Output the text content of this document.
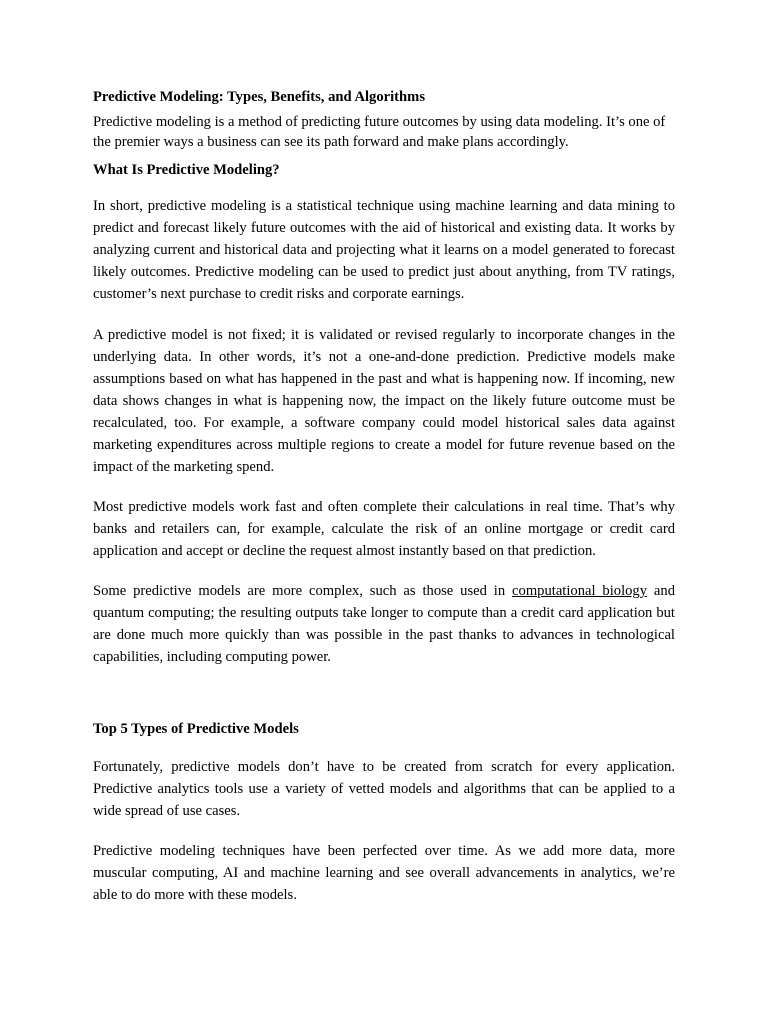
Predictive Modeling: Types, Benefits, and Algorithms

Predictive modeling is a method of predicting future outcomes by using data modeling. It’s one of the premier ways a business can see its path forward and make plans accordingly.

What Is Predictive Modeling?

In short, predictive modeling is a statistical technique using machine learning and data mining to predict and forecast likely future outcomes with the aid of historical and existing data. It works by analyzing current and historical data and projecting what it learns on a model generated to forecast likely outcomes. Predictive modeling can be used to predict just about anything, from TV ratings, customer’s next purchase to credit risks and corporate earnings.

A predictive model is not fixed; it is validated or revised regularly to incorporate changes in the underlying data. In other words, it’s not a one-and-done prediction. Predictive models make assumptions based on what has happened in the past and what is happening now. If incoming, new data shows changes in what is happening now, the impact on the likely future outcome must be recalculated, too. For example, a software company could model historical sales data against marketing expenditures across multiple regions to create a model for future revenue based on the impact of the marketing spend.

Most predictive models work fast and often complete their calculations in real time. That’s why banks and retailers can, for example, calculate the risk of an online mortgage or credit card application and accept or decline the request almost instantly based on that prediction.

Some predictive models are more complex, such as those used in computational biology and quantum computing; the resulting outputs take longer to compute than a credit card application but are done much more quickly than was possible in the past thanks to advances in technological capabilities, including computing power.

Top 5 Types of Predictive Models

Fortunately, predictive models don’t have to be created from scratch for every application. Predictive analytics tools use a variety of vetted models and algorithms that can be applied to a wide spread of use cases.

Predictive modeling techniques have been perfected over time. As we add more data, more muscular computing, AI and machine learning and see overall advancements in analytics, we’re able to do more with these models.
